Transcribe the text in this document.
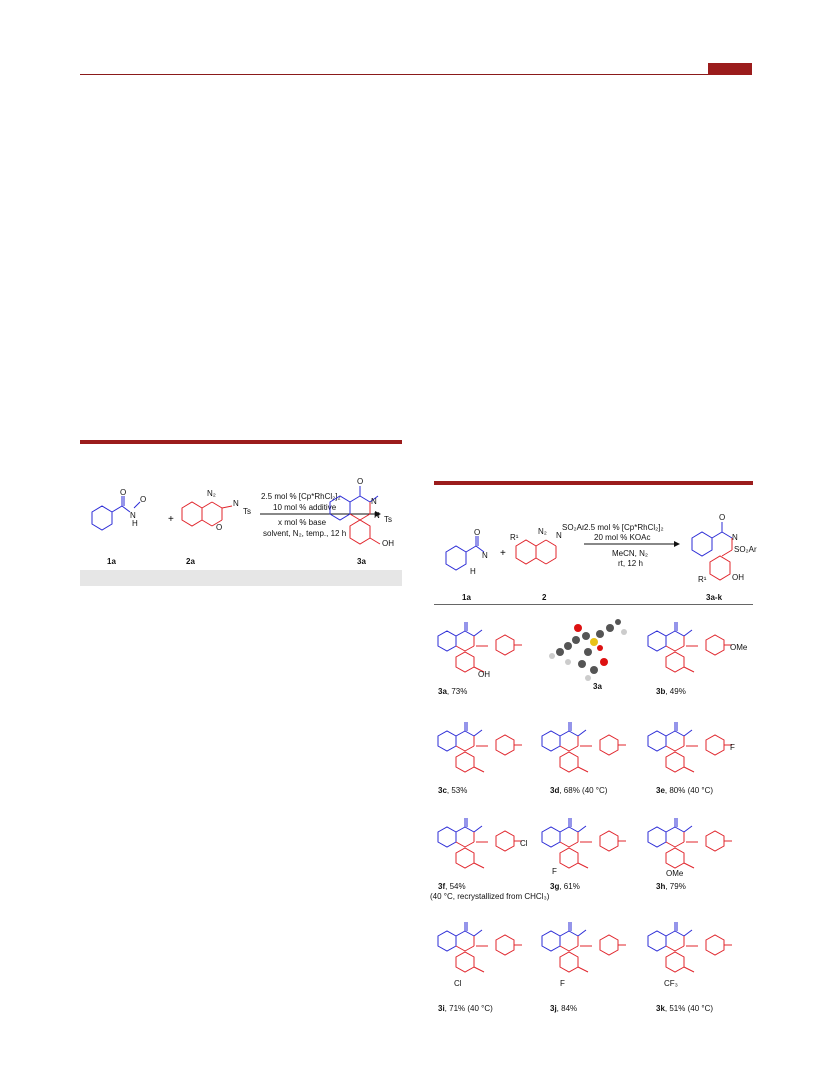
O
N
H
O
+
N₂
N
Ts
O
2.5 mol % [Cp*RhCl₂]₂
10 mol % additive
x mol % base
solvent, N₂, temp., 12 h
O
N
N Ts
OH
1a	2a	3a
O
N
H
+
R¹
N₂ N
SO₂Ar 2.5 mol % [Cp*RhCl₂]₂
20 mol % KOAc
MeCN, N₂
rt, 12 h
O
N
SO₂Ar
R¹	OH
1a	2	3a-k
OH
3a
OMe
3a, 73%	3b, 49%
F
3c, 53%	3d, 68% (40 °C)	3e, 80% (40 °C)
Cl
F	OMe
3f, 54%
(40 °C, recrystallized from CHCl₃)
3g, 61%	3h, 79%
Cl	F	CF₃
3i, 71% (40 °C)	3j, 84%	3k, 51% (40 °C)
